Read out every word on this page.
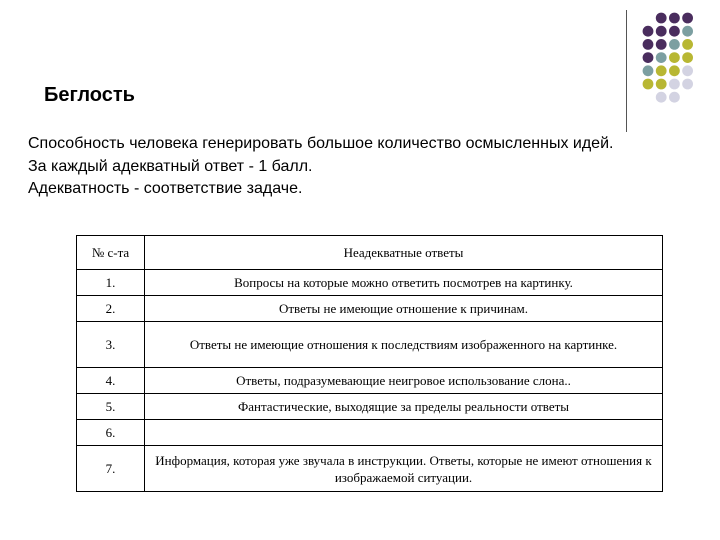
Беглость
Способность человека генерировать большое количество осмысленных идей.
За каждый адекватный ответ - 1 балл.
Адекватность - соответствие задаче.
№ с-та	Неадекватные ответы
1.	Вопросы на которые можно ответить посмотрев на картинку.
2.	Ответы не имеющие отношение к причинам.
3.	Ответы не имеющие отношения к последствиям изображенного на картинке.
4.	Ответы, подразумевающие неигровое использование слона..
5.	Фантастические, выходящие за пределы реальности ответы
6.	
7.	Информация, которая уже звучала в инструкции. Ответы, которые не имеют отношения к изображаемой ситуации.
